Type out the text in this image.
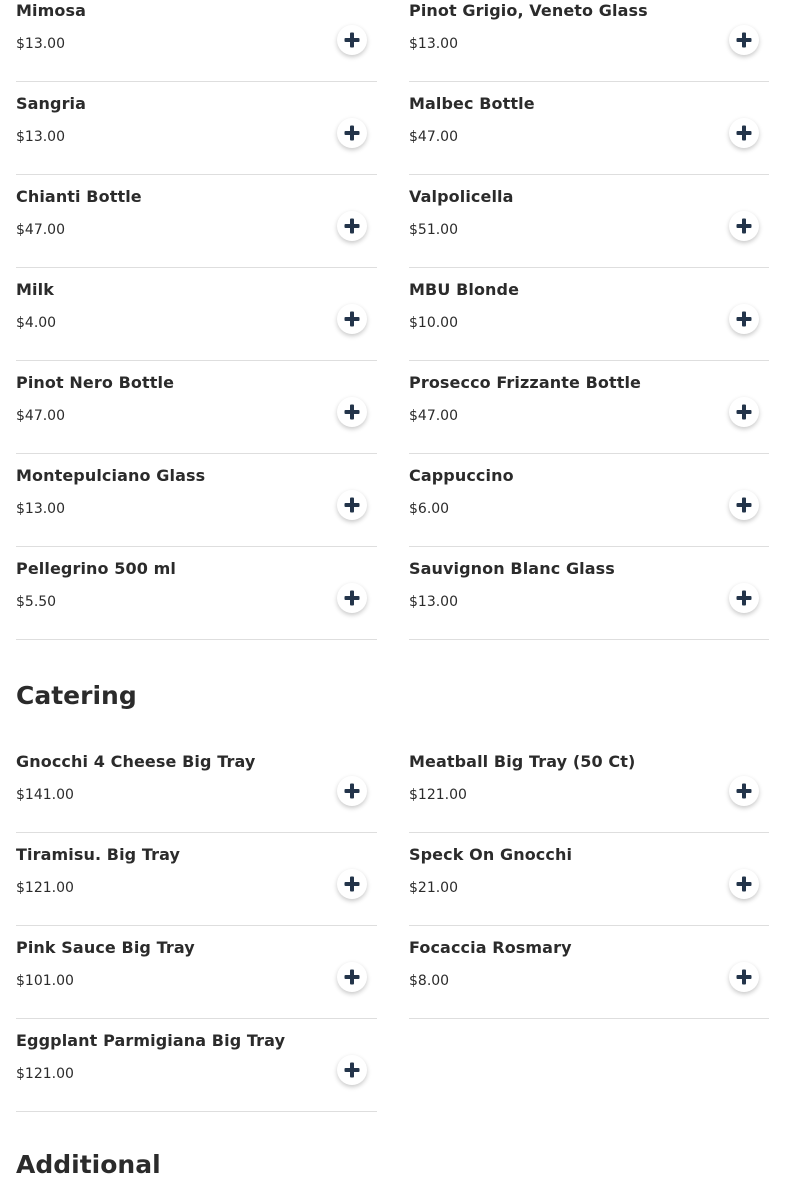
Mimosa
$13.00
Pinot Grigio, Veneto Glass
$13.00
Sangria
$13.00
Malbec Bottle
$47.00
Chianti Bottle
$47.00
Valpolicella
$51.00
Milk
$4.00
MBU Blonde
$10.00
Pinot Nero Bottle
$47.00
Prosecco Frizzante Bottle
$47.00
Montepulciano Glass
$13.00
Cappuccino
$6.00
Pellegrino 500 ml
$5.50
Sauvignon Blanc Glass
$13.00
Catering
Gnocchi 4 Cheese Big Tray
$141.00
Meatball Big Tray (50 Ct)
$121.00
Tiramisu. Big Tray
$121.00
Speck On Gnocchi
$21.00
Pink Sauce Big Tray
$101.00
Focaccia Rosmary
$8.00
Eggplant Parmigiana Big Tray
$121.00
Additional
